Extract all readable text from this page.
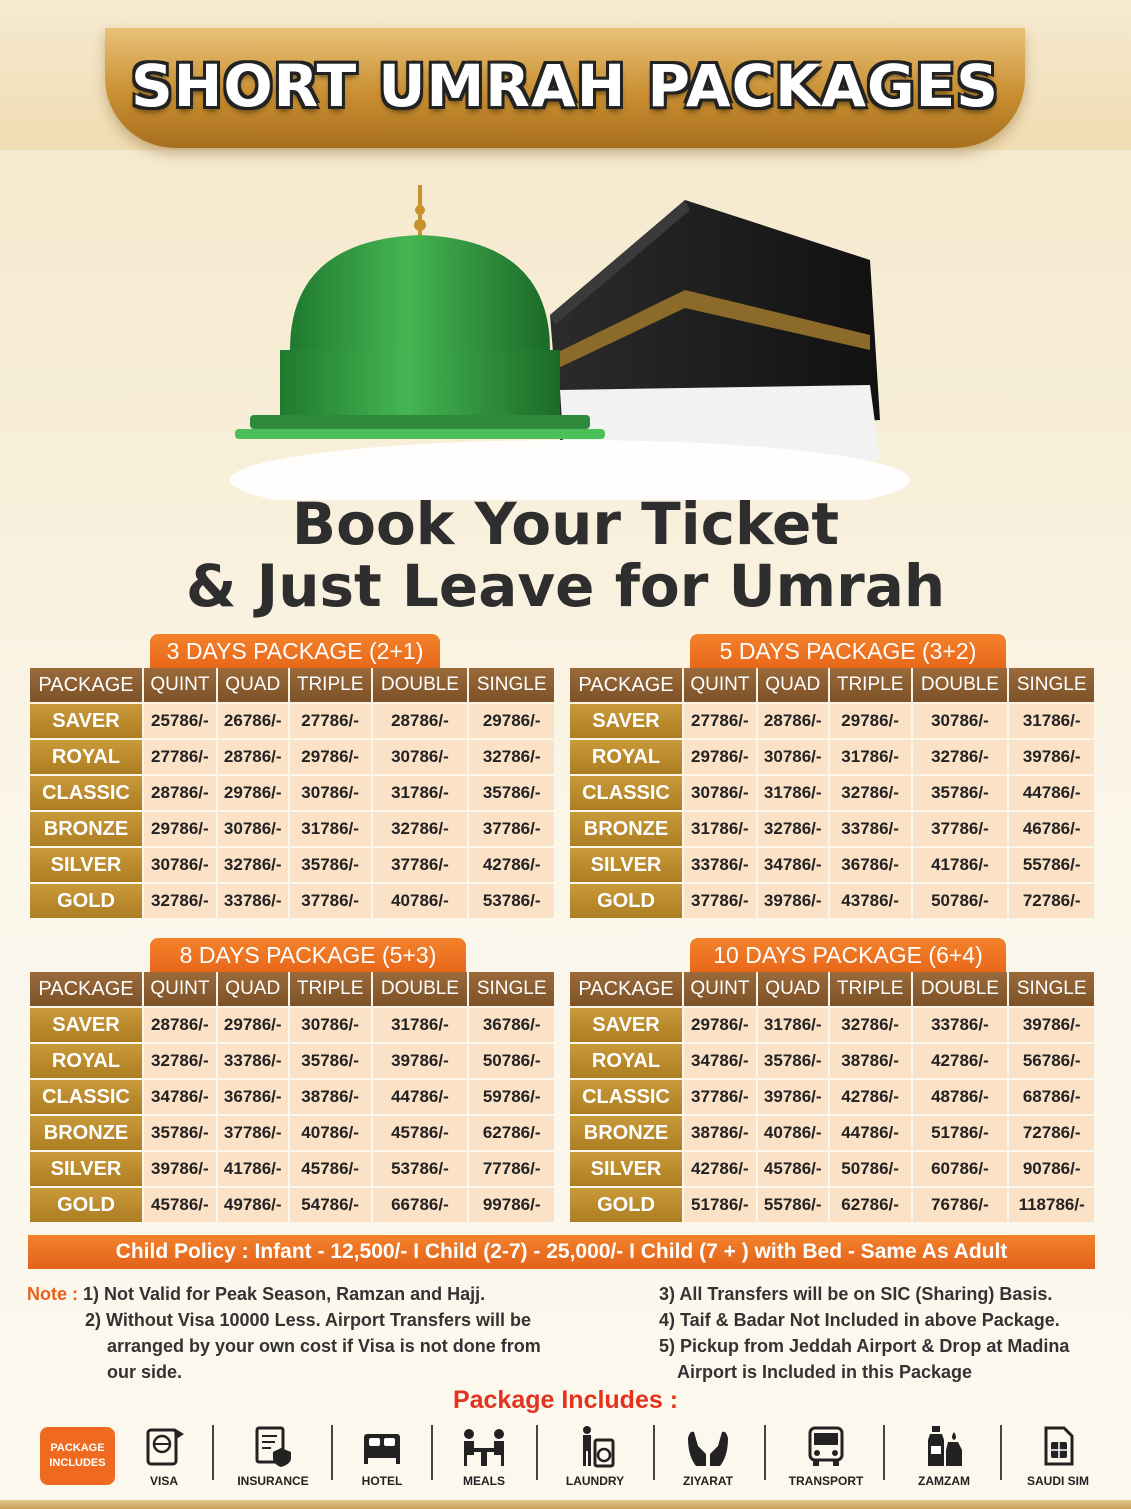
SHORT UMRAH PACKAGES
Book Your Ticket
& Just Leave for Umrah
3 DAYS PACKAGE (2+1)
PACKAGE	QUINT	QUAD	TRIPLE	DOUBLE	SINGLE
SAVER	25786/-	26786/-	27786/-	28786/-	29786/-
ROYAL	27786/-	28786/-	29786/-	30786/-	32786/-
CLASSIC	28786/-	29786/-	30786/-	31786/-	35786/-
BRONZE	29786/-	30786/-	31786/-	32786/-	37786/-
SILVER	30786/-	32786/-	35786/-	37786/-	42786/-
GOLD	32786/-	33786/-	37786/-	40786/-	53786/-
5 DAYS PACKAGE (3+2)
PACKAGE	QUINT	QUAD	TRIPLE	DOUBLE	SINGLE
SAVER	27786/-	28786/-	29786/-	30786/-	31786/-
ROYAL	29786/-	30786/-	31786/-	32786/-	39786/-
CLASSIC	30786/-	31786/-	32786/-	35786/-	44786/-
BRONZE	31786/-	32786/-	33786/-	37786/-	46786/-
SILVER	33786/-	34786/-	36786/-	41786/-	55786/-
GOLD	37786/-	39786/-	43786/-	50786/-	72786/-
8 DAYS PACKAGE (5+3)
PACKAGE	QUINT	QUAD	TRIPLE	DOUBLE	SINGLE
SAVER	28786/-	29786/-	30786/-	31786/-	36786/-
ROYAL	32786/-	33786/-	35786/-	39786/-	50786/-
CLASSIC	34786/-	36786/-	38786/-	44786/-	59786/-
BRONZE	35786/-	37786/-	40786/-	45786/-	62786/-
SILVER	39786/-	41786/-	45786/-	53786/-	77786/-
GOLD	45786/-	49786/-	54786/-	66786/-	99786/-
10 DAYS PACKAGE (6+4)
PACKAGE	QUINT	QUAD	TRIPLE	DOUBLE	SINGLE
SAVER	29786/-	31786/-	32786/-	33786/-	39786/-
ROYAL	34786/-	35786/-	38786/-	42786/-	56786/-
CLASSIC	37786/-	39786/-	42786/-	48786/-	68786/-
BRONZE	38786/-	40786/-	44786/-	51786/-	72786/-
SILVER	42786/-	45786/-	50786/-	60786/-	90786/-
GOLD	51786/-	55786/-	62786/-	76786/-	118786/-
Child Policy : Infant - 12,500/- I Child (2-7) - 25,000/- I Child (7 + ) with Bed - Same As Adult
Note : 1) Not Valid for Peak Season, Ramzan and Hajj.
2) Without Visa 10000 Less. Airport Transfers will be
arranged by your own cost if Visa is not done from
our side.
3) All Transfers will be on SIC (Sharing) Basis.
4) Taif & Badar Not Included in above Package.
5) Pickup from Jeddah Airport & Drop at Madina
Airport is Included in this Package
Package Includes :
PACKAGE
INCLUDES
VISA	INSURANCE	HOTEL	MEALS	LAUNDRY	ZIYARAT	TRANSPORT	ZAMZAM	SAUDI SIM
